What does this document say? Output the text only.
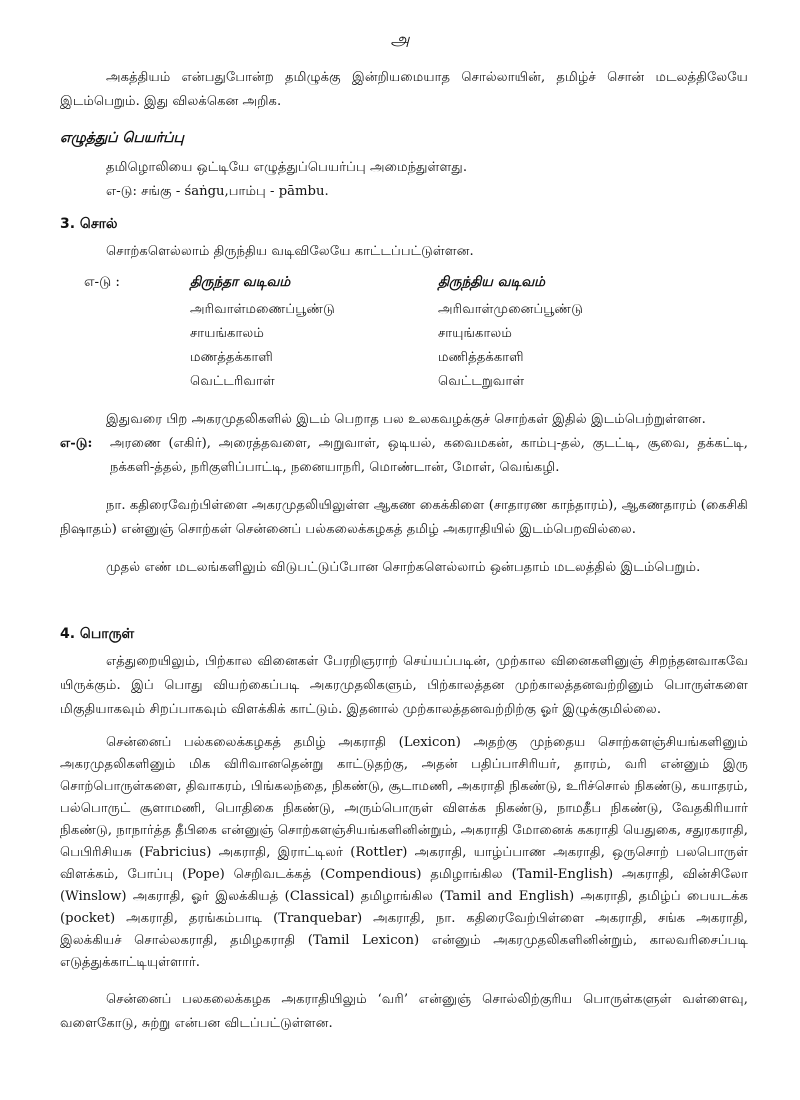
அ

அகத்தியம் என்பதுபோன்ற தமிழுக்கு இன்றியமையாத சொல்லாயின், தமிழ்ச் சொன் மடலத்திலேயே இடம்பெறும். இது விலக்கென அறிக.

எழுத்துப் பெயர்ப்பு

தமிழொலியை ஒட்டியே எழுத்துப்பெயர்ப்பு அமைந்துள்ளது.

எ-டு: சங்கு - śaṅgu,பாம்பு - pāmbu.

3. சொல்

சொற்களெல்லாம் திருந்திய வடிவிலேயே காட்டப்பட்டுள்ளன.

எ-டு :	திருந்தா வடிவம்	திருந்திய வடிவம்
	அரிவாள்மணைப்பூண்டு	அரிவாள்முனைப்பூண்டு
	சாயங்காலம்	சாயுங்காலம்
	மணத்தக்காளி	மணித்தக்காளி
	வெட்டரிவாள்	வெட்டறுவாள்

இதுவரை பிற அகரமுதலிகளில் இடம் பெறாத பல உலகவழக்குச் சொற்கள் இதில் இடம்பெற்றுள்ளன.

எ-டு:	அரணை (எகிர்), அரைத்தவளை, அறுவாள், ஒடியல், கவைமகன், காம்பு-தல், குடட்டி, சூவை, தக்கட்டி, நக்களி-த்தல், நரிகுளிப்பாட்டி, நனையாநரி, மொண்டான், மோள், வெங்கழி.

நா. கதிரைவேற்பிள்ளை அகரமுதலியிலுள்ள ஆகண கைக்கிளை (சாதாரண காந்தாரம்), ஆகணதாரம் (கைசிகி நிஷாதம்) என்னுஞ் சொற்கள் சென்னைப் பல்கலைக்கழகத் தமிழ் அகராதியில் இடம்பெறவில்லை.

முதல் எண் மடலங்களிலும் விடுபட்டுப்போன சொற்களெல்லாம் ஒன்பதாம் மடலத்தில் இடம்பெறும்.

4. பொருள்

எத்துறையிலும், பிற்கால வினைகள் பேரறிஞராற் செய்யப்படின், முற்கால வினைகளினுஞ் சிறந்தனவாகவே யிருக்கும். இப் பொது வியற்கைப்படி அகரமுதலிகளும், பிற்காலத்தன முற்காலத்தனவற்றினும் பொருள்களை மிகுதியாகவும் சிறப்பாகவும் விளக்கிக் காட்டும். இதனால் முற்காலத்தனவற்றிற்கு ஓர் இழுக்குமில்லை.

சென்னைப் பல்கலைக்கழகத் தமிழ் அகராதி (Lexicon) அதற்கு முந்தைய சொற்களஞ்சியங்களினும் அகரமுதலிகளினும் மிக விரிவானதென்று காட்டுதற்கு, அதன் பதிப்பாசிரியர், தாரம், வரி என்னும் இரு சொற்பொருள்களை, திவாகரம், பிங்கலந்தை, நிகண்டு, சூடாமணி, அகராதி நிகண்டு, உரிச்சொல் நிகண்டு, கயாதரம், பல்பொருட் சூளாமணி, பொதிகை நிகண்டு, அரும்பொருள் விளக்க நிகண்டு, நாமதீப நிகண்டு, வேதகிரியார் நிகண்டு, நாநார்த்த தீபிகை என்னுஞ் சொற்களஞ்சியங்களினின்றும், அகராதி மோனைக் ககராதி யெதுகை, சதுரகராதி, பெபிரிசியசு (Fabricius) அகராதி, இராட்டிலர் (Rottler) அகராதி, யாழ்ப்பாண அகராதி, ஒருசொற் பலபொருள் விளக்கம், போப்பு (Pope) செறிவடக்கத் (Compendious) தமிழாங்கில (Tamil-English) அகராதி, வின்சிலோ (Winslow) அகராதி, ஓர் இலக்கியத் (Classical) தமிழாங்கில (Tamil and English) அகராதி, தமிழ்ப் பையடக்க (pocket) அகராதி, தரங்கம்பாடி (Tranquebar) அகராதி, நா. கதிரைவேற்பிள்ளை அகராதி, சங்க அகராதி, இலக்கியச் சொல்லகராதி, தமிழகராதி (Tamil Lexicon) என்னும் அகரமுதலிகளினின்றும், காலவரிசைப்படி எடுத்துக்காட்டியுள்ளார்.

சென்னைப் பலகலைக்கழக அகராதியிலும் ‘வரி’ என்னுஞ் சொல்லிற்குரிய பொருள்களுள் வள்ளைவு, வளைகோடு, சுற்று என்பன விடப்பட்டுள்ளன.
